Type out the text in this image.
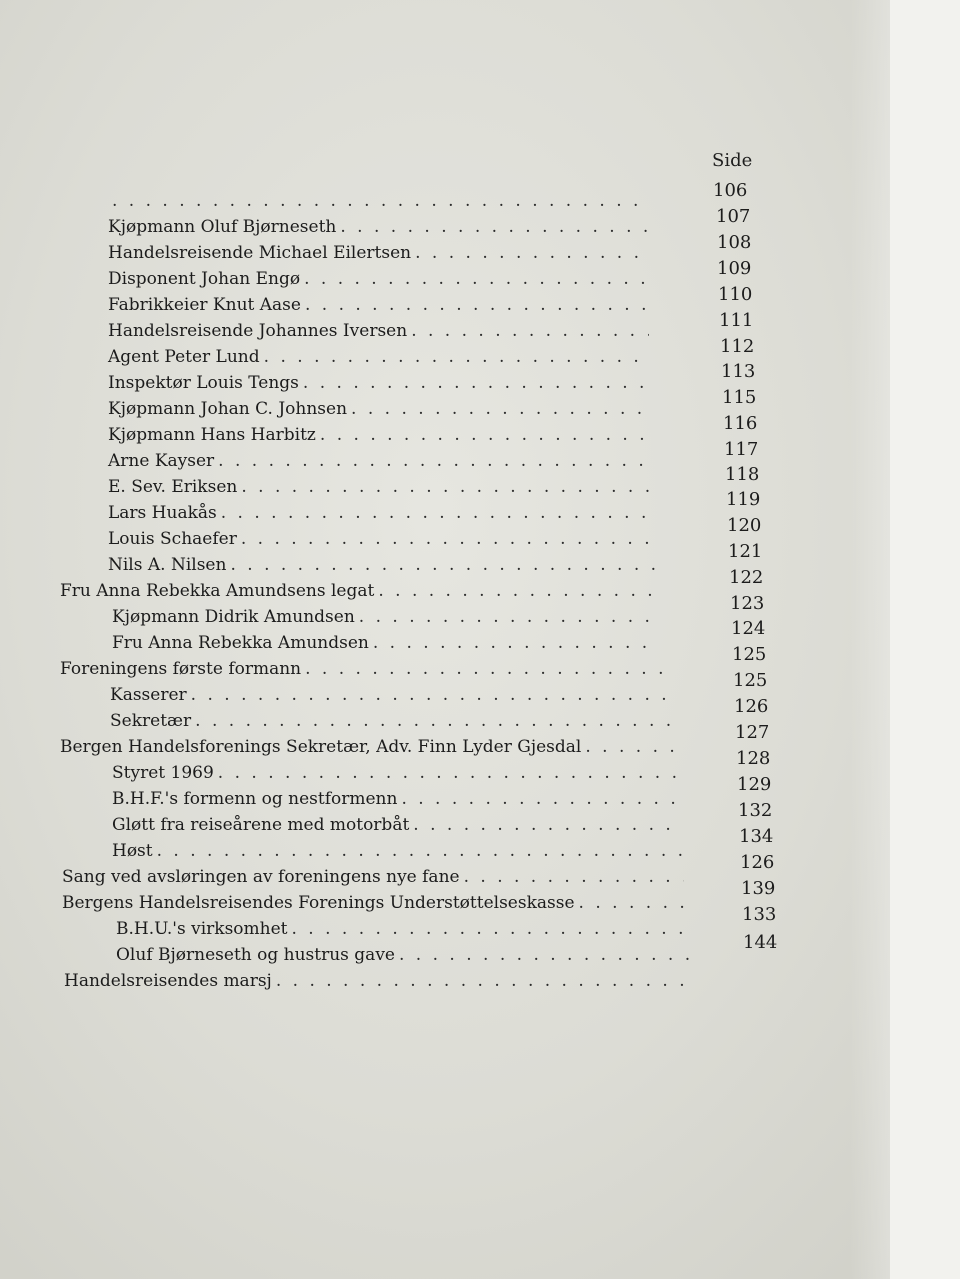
Side
. . .
Kjøpmann Oluf Bjørneseth
. . .
Handelsreisende Michael Eilertsen
. . .
Disponent Johan Engø
. . .
Fabrikkeier Knut Aase
. . .
Handelsreisende Johannes Iversen
. . .
Agent Peter Lund
. . .
Inspektør Louis Tengs
. . .
Kjøpmann Johan C. Johnsen
. . .
Kjøpmann Hans Harbitz
. . .
Arne Kayser
. . .
E. Sev. Eriksen
. . .
Lars Huakås
. . .
Louis Schaefer
. . .
Nils A. Nilsen
. . .
Fru Anna Rebekka Amundsens legat
. . .
Kjøpmann Didrik Amundsen
. . .
Fru Anna Rebekka Amundsen
. . .
Foreningens første formann
. . .
Kasserer
. . .
Sekretær
. . .
Bergen Handelsforenings Sekretær, Adv. Finn Lyder Gjesdal
. . .
Styret 1969
. . .
B.H.F.'s formenn og nestformenn
. . .
Gløtt fra reiseårene med motorbåt
. . .
Høst
. . .
Sang ved avsløringen av foreningens nye fane
. . .
Bergens Handelsreisendes Forenings Understøttelseskasse
. . .
B.H.U.'s virksomhet
. . .
Oluf Bjørneseth og hustrus gave
. . .
Handelsreisendes marsj
. . .
106
107
108
109
110
111
112
113
115
116
117
118
119
120
121
122
123
124
125
125
126
127
128
129
132
134
126
139
133
144
